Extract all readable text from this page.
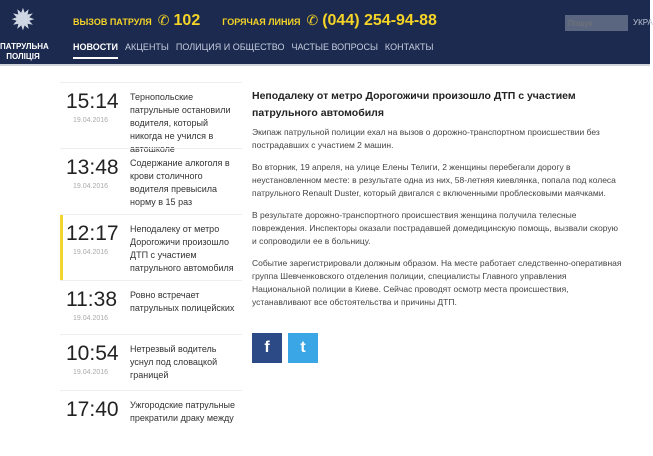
✹
ПАТРУЛЬНА ПОЛІЦІЯ
ВЫЗОВ ПАТРУЛЯ ✆ 102 ГОРЯЧАЯ ЛИНИЯ ✆ (044) 254-94-88
НОВОСТИ АКЦЕНТЫ ПОЛИЦИЯ И ОБЩЕСТВО ЧАСТЫЕ ВОПРОСЫ КОНТАКТЫ
Пошук
УКРА
15:14
19.04.2016
Тернопольские патрульные остановили водителя, который никогда не учился в автошколе
13:48
19.04.2016
Содержание алкоголя в крови столичного водителя превысила норму в 15 раз
12:17
19.04.2016
Неподалеку от метро Дорогожичи произошло ДТП с участием патрульного автомобиля
11:38
19.04.2016
Ровно встречает патрульных полицейских
10:54
19.04.2016
Нетрезвый водитель уснул под словацкой границей
17:40	Ужгородские патрульные прекратили драку между
Неподалеку от метро Дорогожичи произошло ДТП с участием патрульного автомобиля

Экипаж патрульной полиции ехал на вызов о дорожно-транспортном происшествии без пострадавших с участием 2 машин.

Во вторник, 19 апреля, на улице Елены Телиги, 2 женщины перебегали дорогу в неустановленном месте: в результате одна из них, 58-летняя киевлянка, попала под колеса патрульного Renault Duster, который двигался с включенными проблесковыми маячками.

В результате дорожно-транспортного происшествия женщина получила телесные повреждения. Инспекторы оказали пострадавшей домедицинскую помощь, вызвали скорую и сопроводили ее в больницу.

Событие зарегистрировали должным образом. На месте работает следственно-оперативная группа Шевченковского отделения полиции, специалисты Главного управления Национальной полиции в Киеве. Сейчас проводят осмотр места происшествия, устанавливают все обстоятельства и причины ДТП.

f	t
